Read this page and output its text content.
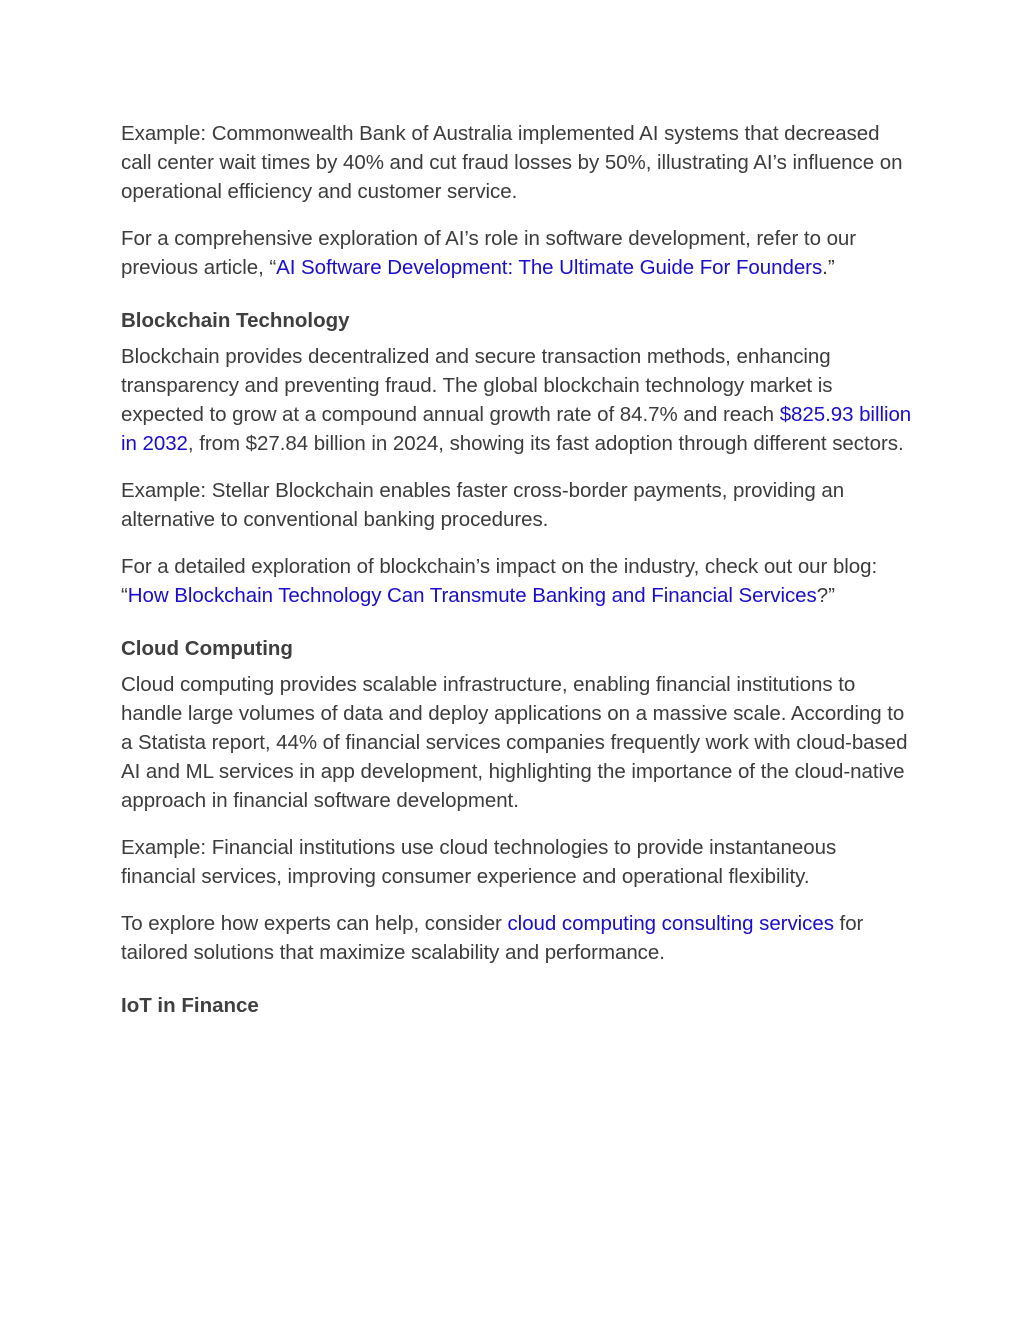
Example: Commonwealth Bank of Australia implemented AI systems that decreased call center wait times by 40% and cut fraud losses by 50%, illustrating AI’s influence on operational efficiency and customer service.

For a comprehensive exploration of AI’s role in software development, refer to our previous article, “AI Software Development: The Ultimate Guide For Founders.”

Blockchain Technology

Blockchain provides decentralized and secure transaction methods, enhancing transparency and preventing fraud. The global blockchain technology market is expected to grow at a compound annual growth rate of 84.7% and reach $825.93 billion in 2032, from $27.84 billion in 2024, showing its fast adoption through different sectors.

Example: Stellar Blockchain enables faster cross-border payments, providing an alternative to conventional banking procedures.

For a detailed exploration of blockchain’s impact on the industry, check out our blog: “How Blockchain Technology Can Transmute Banking and Financial Services?”

Cloud Computing

Cloud computing provides scalable infrastructure, enabling financial institutions to handle large volumes of data and deploy applications on a massive scale. According to a Statista report, 44% of financial services companies frequently work with cloud-based AI and ML services in app development, highlighting the importance of the cloud-native approach in financial software development.

Example: Financial institutions use cloud technologies to provide instantaneous financial services, improving consumer experience and operational flexibility.

To explore how experts can help, consider cloud computing consulting services for tailored solutions that maximize scalability and performance.

IoT in Finance
